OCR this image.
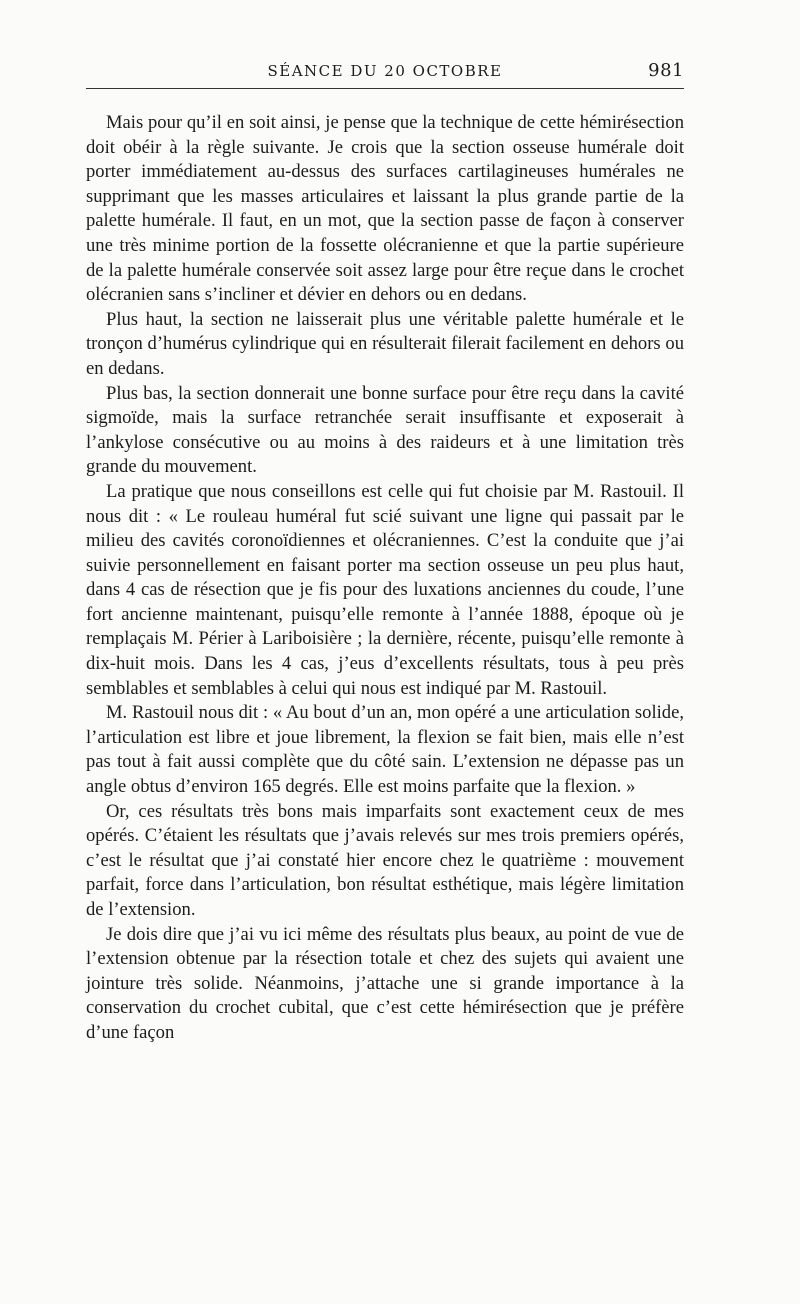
SÉANCE DU 20 OCTOBRE	981

Mais pour qu’il en soit ainsi, je pense que la technique de cette hémirésection doit obéir à la règle suivante. Je crois que la section osseuse humérale doit porter immédiatement au-dessus des surfaces cartilagineuses humérales ne supprimant que les masses articulaires et laissant la plus grande partie de la palette humérale. Il faut, en un mot, que la section passe de façon à conserver une très minime portion de la fossette olécranienne et que la partie supérieure de la palette humérale conservée soit assez large pour être reçue dans le crochet olécranien sans s’incliner et dévier en dehors ou en dedans.

Plus haut, la section ne laisserait plus une véritable palette humérale et le tronçon d’humérus cylindrique qui en résulterait filerait facilement en dehors ou en dedans.

Plus bas, la section donnerait une bonne surface pour être reçu dans la cavité sigmoïde, mais la surface retranchée serait insuffisante et exposerait à l’ankylose consécutive ou au moins à des raideurs et à une limitation très grande du mouvement.

La pratique que nous conseillons est celle qui fut choisie par M. Rastouil. Il nous dit : « Le rouleau huméral fut scié suivant une ligne qui passait par le milieu des cavités coronoïdiennes et olécraniennes. C’est la conduite que j’ai suivie personnellement en faisant porter ma section osseuse un peu plus haut, dans 4 cas de résection que je fis pour des luxations anciennes du coude, l’une fort ancienne maintenant, puisqu’elle remonte à l’année 1888, époque où je remplaçais M. Périer à Lariboisière ; la dernière, récente, puisqu’elle remonte à dix-huit mois. Dans les 4 cas, j’eus d’excellents résultats, tous à peu près semblables et semblables à celui qui nous est indiqué par M. Rastouil.

M. Rastouil nous dit : « Au bout d’un an, mon opéré a une articulation solide, l’articulation est libre et joue librement, la flexion se fait bien, mais elle n’est pas tout à fait aussi complète que du côté sain. L’extension ne dépasse pas un angle obtus d’environ 165 degrés. Elle est moins parfaite que la flexion. »

Or, ces résultats très bons mais imparfaits sont exactement ceux de mes opérés. C’étaient les résultats que j’avais relevés sur mes trois premiers opérés, c’est le résultat que j’ai constaté hier encore chez le quatrième : mouvement parfait, force dans l’articulation, bon résultat esthétique, mais légère limitation de l’extension.

Je dois dire que j’ai vu ici même des résultats plus beaux, au point de vue de l’extension obtenue par la résection totale et chez des sujets qui avaient une jointure très solide. Néanmoins, j’attache une si grande importance à la conservation du crochet cubital, que c’est cette hémirésection que je préfère d’une façon
